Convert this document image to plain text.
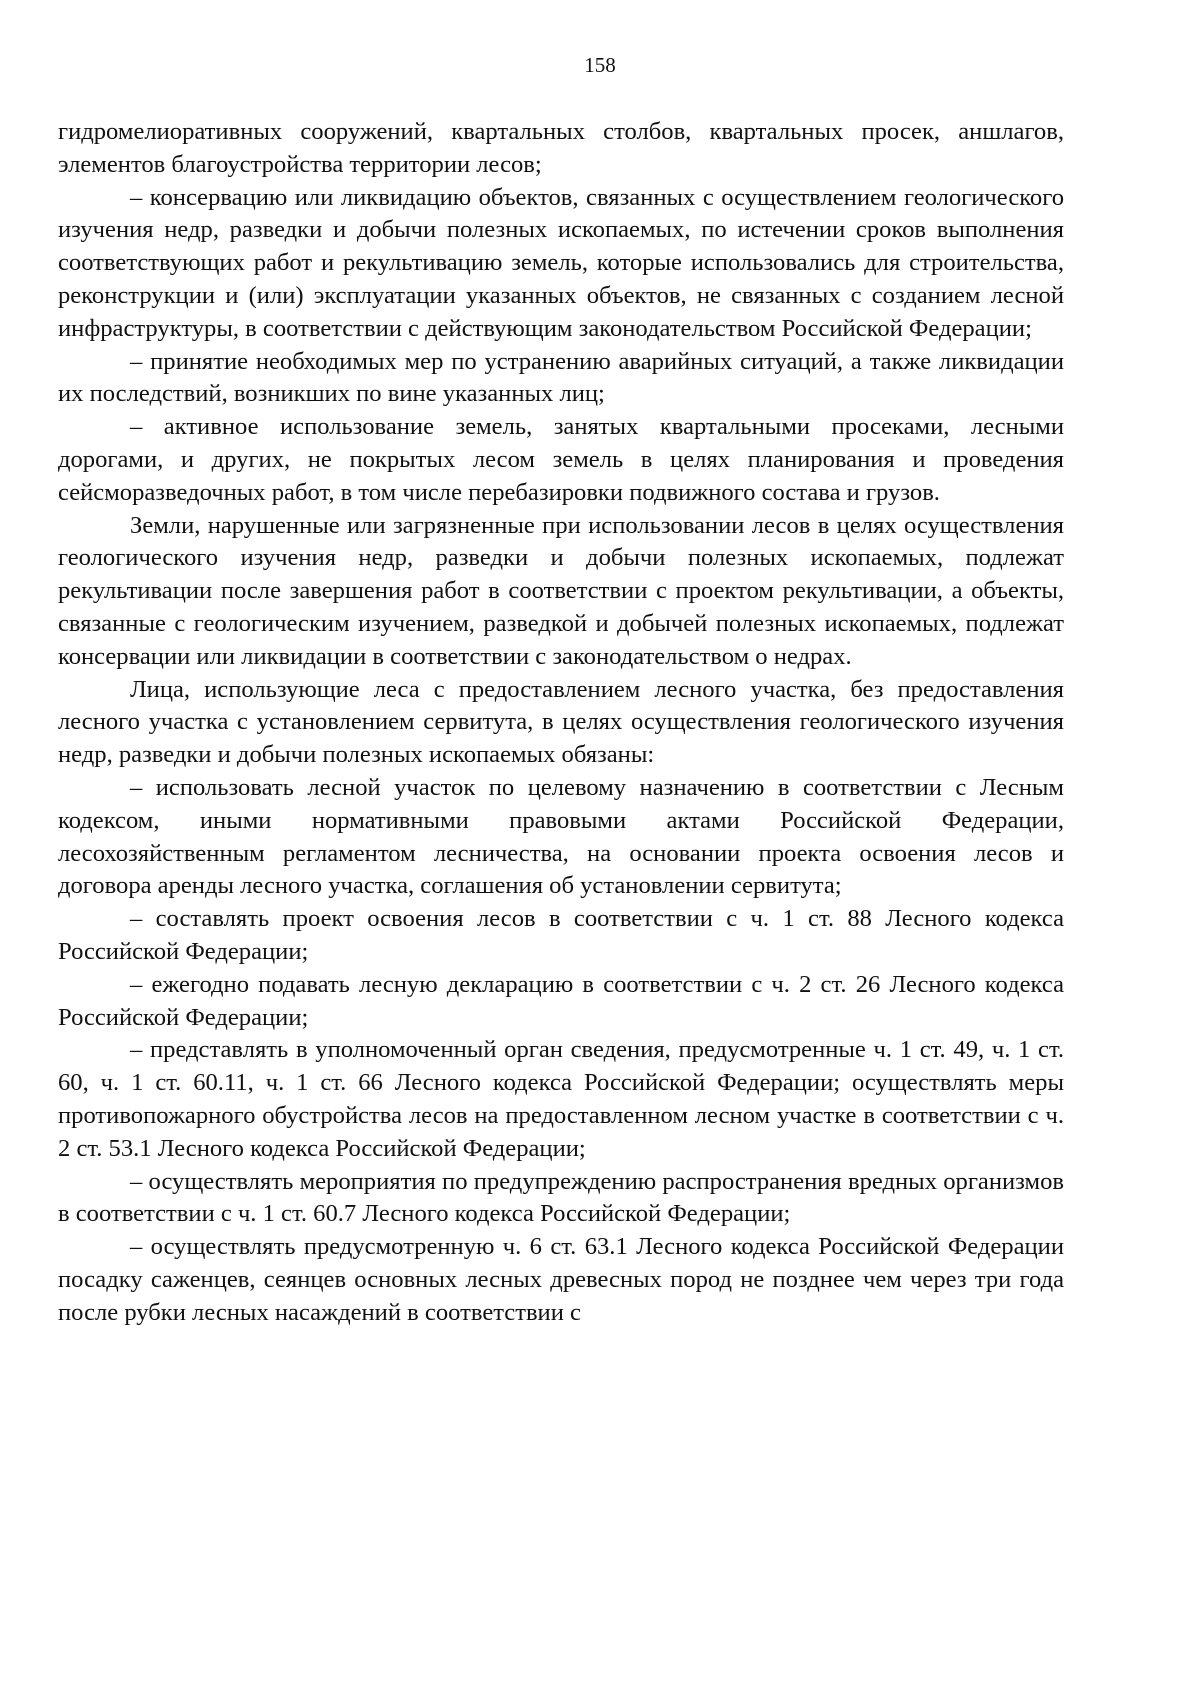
158

гидромелиоративных сооружений, квартальных столбов, квартальных просек, аншлагов, элементов благоустройства территории лесов;

– консервацию или ликвидацию объектов, связанных с осуществлением геологического изучения недр, разведки и добычи полезных ископаемых, по истечении сроков выполнения соответствующих работ и рекультивацию земель, которые использовались для строительства, реконструкции и (или) эксплуатации указанных объектов, не связанных с созданием лесной инфраструктуры, в соответствии с действующим законодательством Российской Федерации;

– принятие необходимых мер по устранению аварийных ситуаций, а также ликвидации их последствий, возникших по вине указанных лиц;

– активное использование земель, занятых квартальными просеками, лесными дорогами, и других, не покрытых лесом земель в целях планирования и проведения сейсморазведочных работ, в том числе перебазировки подвижного состава и грузов.

Земли, нарушенные или загрязненные при использовании лесов в целях осуществления геологического изучения недр, разведки и добычи полезных ископаемых, подлежат рекультивации после завершения работ в соответствии с проектом рекультивации, а объекты, связанные с геологическим изучением, разведкой и добычей полезных ископаемых, подлежат консервации или ликвидации в соответствии с законодательством о недрах.

Лица, использующие леса с предоставлением лесного участка, без предоставления лесного участка с установлением сервитута, в целях осуществления геологического изучения недр, разведки и добычи полезных ископаемых обязаны:

– использовать лесной участок по целевому назначению в соответствии с Лесным кодексом, иными нормативными правовыми актами Российской Федерации, лесохозяйственным регламентом лесничества, на основании проекта освоения лесов и договора аренды лесного участка, соглашения об установлении сервитута;

– составлять проект освоения лесов в соответствии с ч. 1 ст. 88 Лесного кодекса Российской Федерации;

– ежегодно подавать лесную декларацию в соответствии с ч. 2 ст. 26 Лесного кодекса Российской Федерации;

– представлять в уполномоченный орган сведения, предусмотренные ч. 1 ст. 49, ч. 1 ст. 60, ч. 1 ст. 60.11, ч. 1 ст. 66 Лесного кодекса Российской Федерации; осуществлять меры противопожарного обустройства лесов на предоставленном лесном участке в соответствии с ч. 2 ст. 53.1 Лесного кодекса Российской Федерации;

– осуществлять мероприятия по предупреждению распространения вредных организмов в соответствии с ч. 1 ст. 60.7 Лесного кодекса Российской Федерации;

– осуществлять предусмотренную ч. 6 ст. 63.1 Лесного кодекса Российской Федерации посадку саженцев, сеянцев основных лесных древесных пород не позднее чем через три года после рубки лесных насаждений в соответствии с
